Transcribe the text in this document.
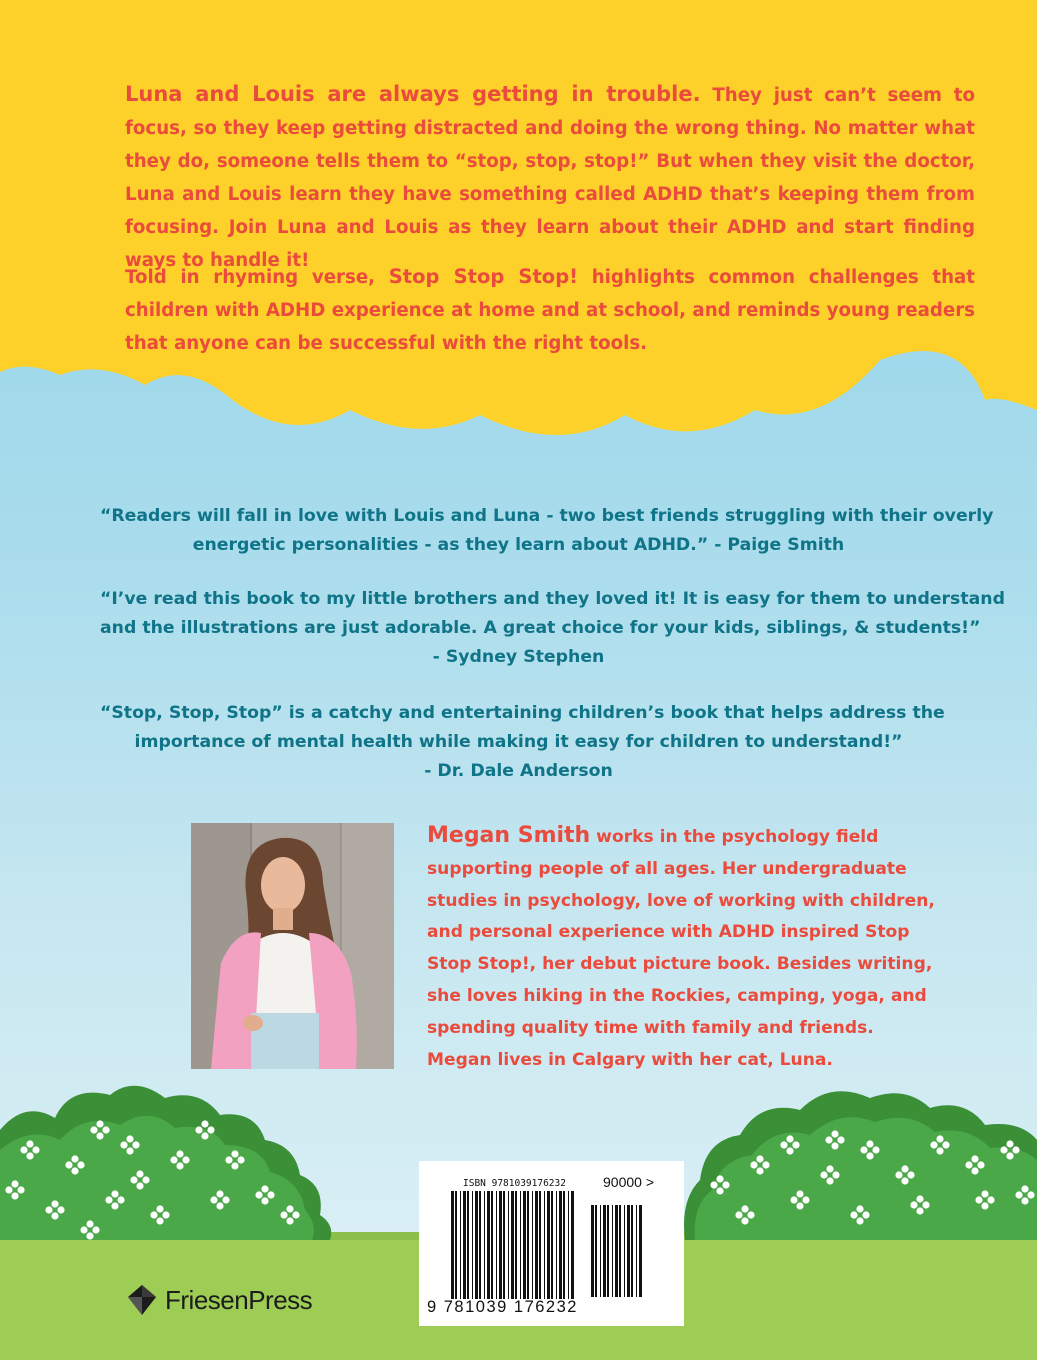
Luna and Louis are always getting in trouble. They just can’t seem to focus, so they keep getting distracted and doing the wrong thing. No matter what they do, someone tells them to “stop, stop, stop!” But when they visit the doctor, Luna and Louis learn they have something called ADHD that’s keeping them from focusing. Join Luna and Louis as they learn about their ADHD and start finding ways to handle it!
Told in rhyming verse, Stop Stop Stop! highlights common challenges that children with ADHD experience at home and at school, and reminds young readers that anyone can be successful with the right tools.
“Readers will fall in love with Louis and Luna - two best friends struggling with their overly
energetic personalities - as they learn about ADHD.” - Paige Smith
“I’ve read this book to my little brothers and they loved it! It is easy for them to understand
and the illustrations are just adorable. A great choice for your kids, siblings, & students!”
- Sydney Stephen
“Stop, Stop, Stop” is a catchy and entertaining children’s book that helps address the
importance of mental health while making it easy for children to understand!”
- Dr. Dale Anderson
Megan Smith works in the psychology field
supporting people of all ages. Her undergraduate
studies in psychology, love of working with children,
and personal experience with ADHD inspired Stop
Stop Stop!, her debut picture book. Besides writing,
she loves hiking in the Rockies, camping, yoga, and
spending quality time with family and friends.
Megan lives in Calgary with her cat, Luna.
ISBN 9781039176232	90000 >
9 781039 176232
FriesenPress
